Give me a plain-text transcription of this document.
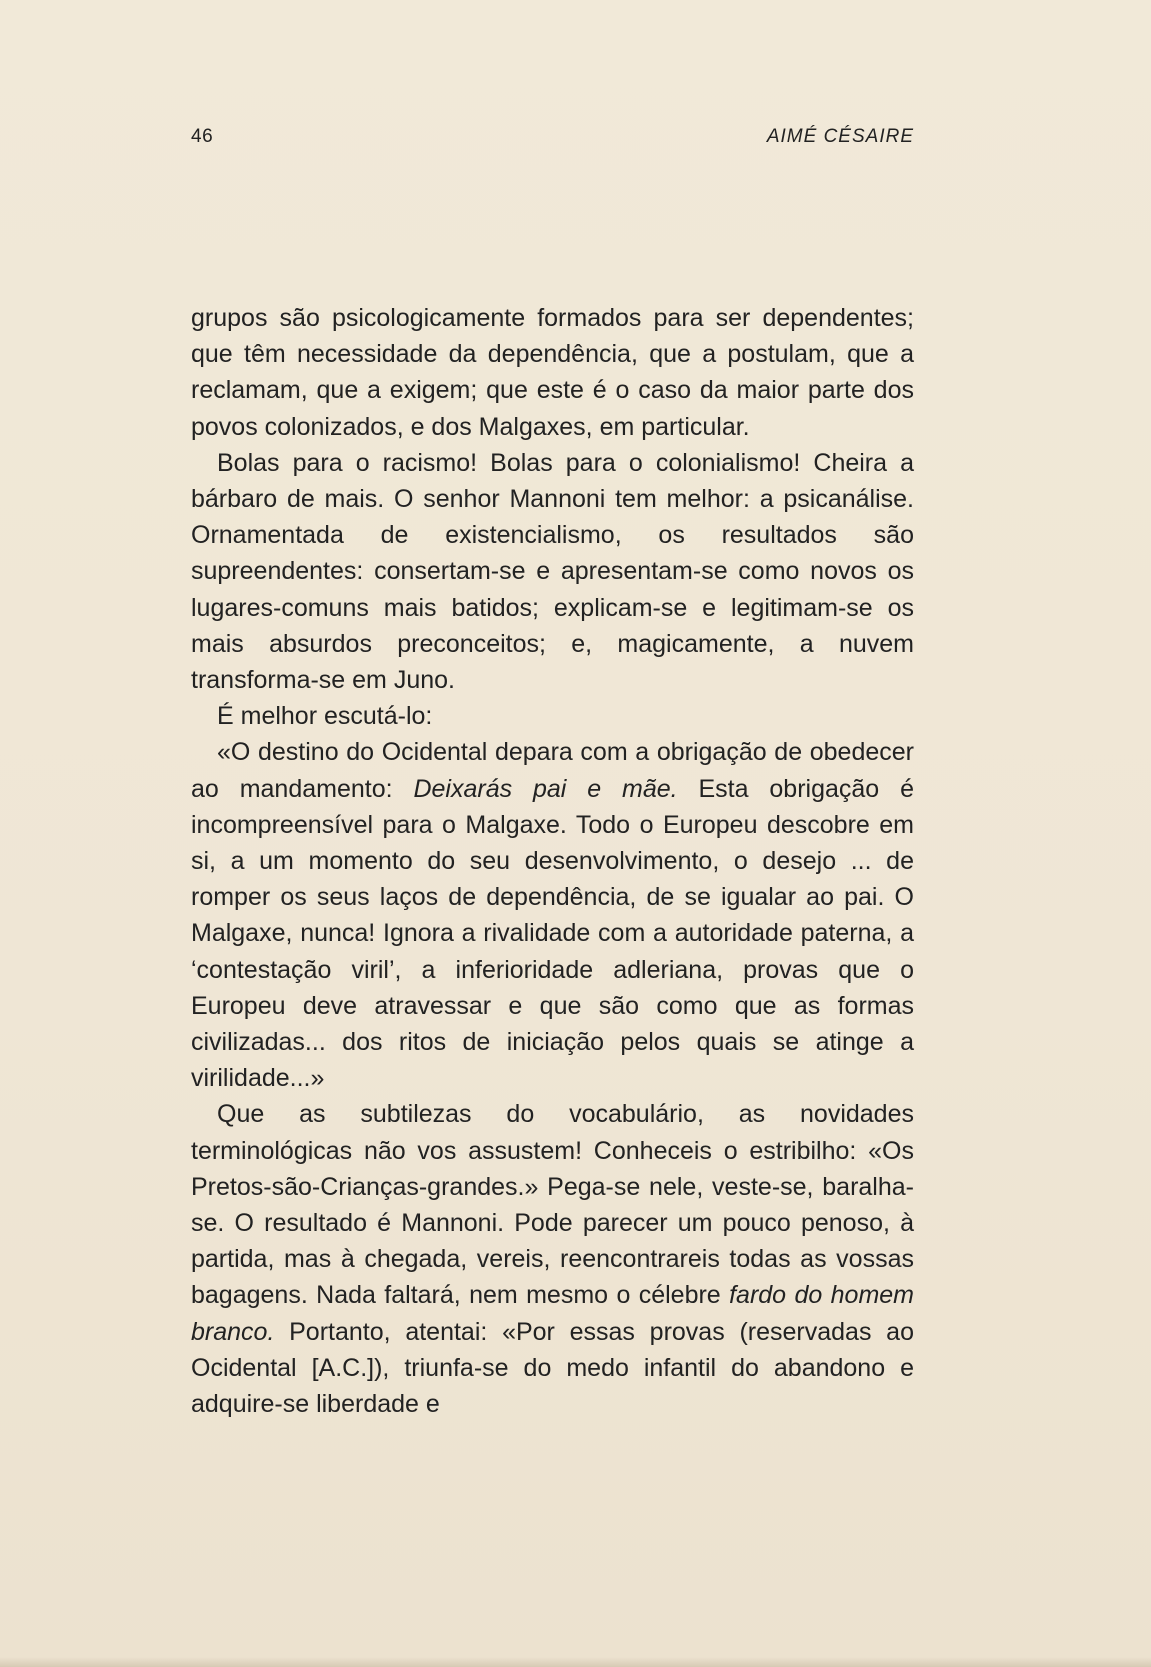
46	AIMÉ CÉSAIRE

grupos são psicologicamente formados para ser dependentes; que têm necessidade da dependência, que a postulam, que a reclamam, que a exigem; que este é o caso da maior parte dos povos colonizados, e dos Malgaxes, em particular.

Bolas para o racismo! Bolas para o colonialismo! Cheira a bárbaro de mais. O senhor Mannoni tem melhor: a psicanálise. Ornamentada de existencialismo, os resultados são supreendentes: consertam-se e apresentam-se como novos os lugares-comuns mais batidos; explicam-se e legitimam-se os mais absurdos preconceitos; e, magicamente, a nuvem transforma-se em Juno.

É melhor escutá-lo:

«O destino do Ocidental depara com a obrigação de obedecer ao mandamento: Deixarás pai e mãe. Esta obrigação é incompreensível para o Malgaxe. Todo o Europeu descobre em si, a um momento do seu desenvolvimento, o desejo ... de romper os seus laços de dependência, de se igualar ao pai. O Malgaxe, nunca! Ignora a rivalidade com a autoridade paterna, a ‘contestação viril’, a inferioridade adleriana, provas que o Europeu deve atravessar e que são como que as formas civilizadas... dos ritos de iniciação pelos quais se atinge a virilidade...»

Que as subtilezas do vocabulário, as novidades terminológicas não vos assustem! Conheceis o estribilho: «Os Pretos-são-Crianças-grandes.» Pega-se nele, veste-se, baralha-se. O resultado é Mannoni. Pode parecer um pouco penoso, à partida, mas à chegada, vereis, reencontrareis todas as vossas bagagens. Nada faltará, nem mesmo o célebre fardo do homem branco. Portanto, atentai: «Por essas provas (reservadas ao Ocidental [A.C.]), triunfa-se do medo infantil do abandono e adquire-se liberdade e
